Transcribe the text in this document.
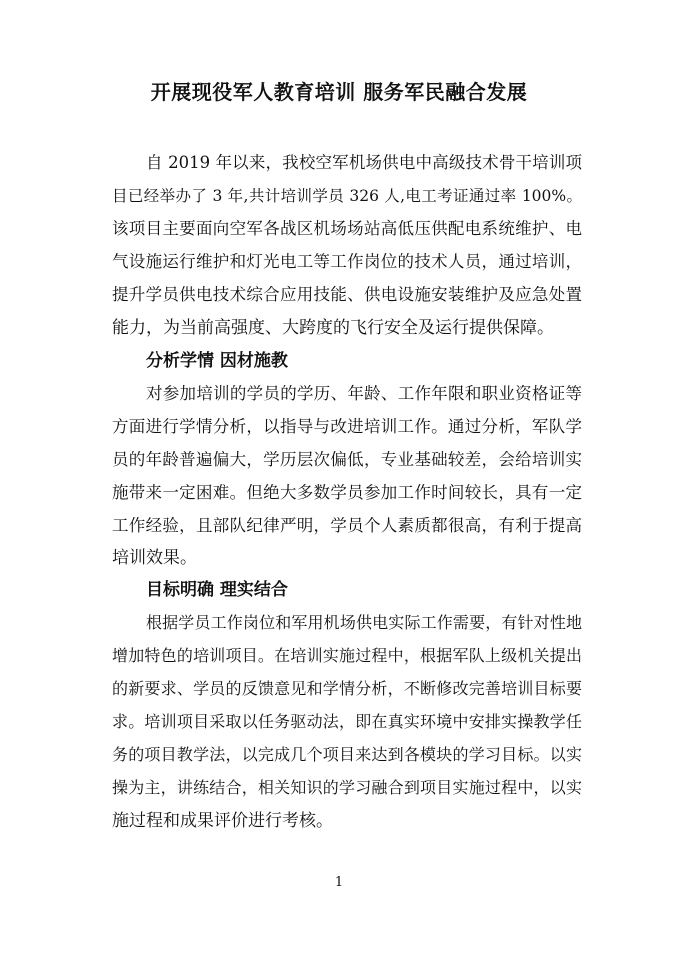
开展现役军人教育培训 服务军民融合发展
自 2019 年以来，我校空军机场供电中高级技术骨干培训项
目已经举办了 3 年,共计培训学员 326 人,电工考证通过率 100%。
该项目主要面向空军各战区机场场站高低压供配电系统维护、电
气设施运行维护和灯光电工等工作岗位的技术人员，通过培训，
提升学员供电技术综合应用技能、供电设施安装维护及应急处置
能力，为当前高强度、大跨度的飞行安全及运行提供保障。
分析学情 因材施教
对参加培训的学员的学历、年龄、工作年限和职业资格证等
方面进行学情分析，以指导与改进培训工作。通过分析，军队学
员的年龄普遍偏大，学历层次偏低，专业基础较差，会给培训实
施带来一定困难。但绝大多数学员参加工作时间较长，具有一定
工作经验，且部队纪律严明，学员个人素质都很高，有利于提高
培训效果。
目标明确 理实结合
根据学员工作岗位和军用机场供电实际工作需要，有针对性地
增加特色的培训项目。在培训实施过程中，根据军队上级机关提出
的新要求、学员的反馈意见和学情分析，不断修改完善培训目标要
求。培训项目采取以任务驱动法，即在真实环境中安排实操教学任
务的项目教学法，以完成几个项目来达到各模块的学习目标。以实
操为主，讲练结合，相关知识的学习融合到项目实施过程中，以实
施过程和成果评价进行考核。
1
